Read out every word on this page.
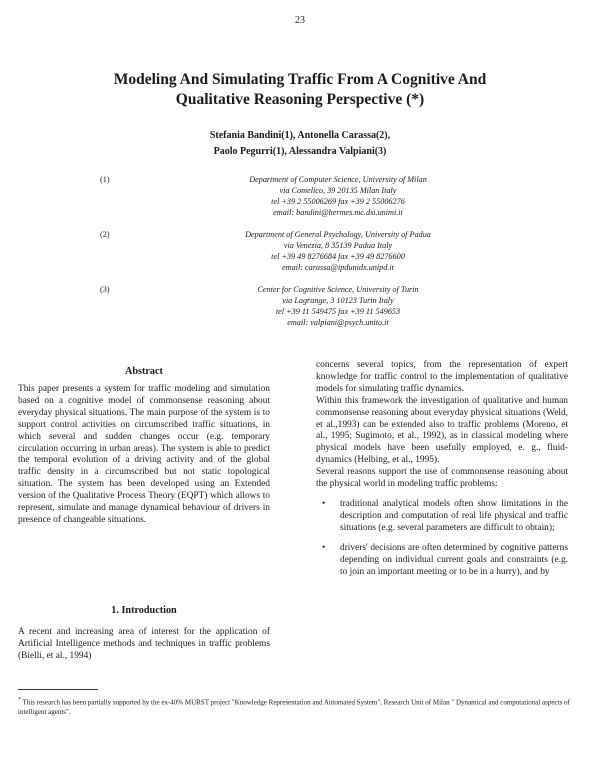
23
Modeling And Simulating Traffic From A Cognitive And
Qualitative Reasoning Perspective (*)
Stefania Bandini(1), Antonella Carassa(2),
Paolo Pegurri(1), Alessandra Valpiani(3)
(1)	Department of Computer Science, University of Milan
via Comelico, 39 20135 Milan Italy
tel +39 2 55006269 fax +39 2 55006276
email: bandini@hermes.mc.dsi.unimi.it
(2)	Department of General Psychology, University of Padua
via Venezia, 8 35139 Padua Italy
tel +39 49 8276684 fax +39 49 8276600
email: carassa@ipdunidx.unipd.it
(3)	Center for Cognitive Science, University of Turin
via Lagrange, 3 10123 Turin Italy
tel +39 11 549475 fax +39 11 549653
email: valpiani@psych.unito.it
Abstract

This paper presents a system for traffic modeling and simulation based on a cognitive model of commonsense reasoning about everyday physical situations. The main purpose of the system is to support control activities on circumscribed traffic situations, in which several and sudden changes occur (e.g. temporary circulation occurring in urban areas). The system is able to predict the temporal evolution of a driving activity and of the global traffic density in a circumscribed but not static topological situation. The system has been developed using an Extended version of the Qualitative Process Theory (EQPT) which allows to represent, simulate and manage dynamical behaviour of drivers in presence of changeable situations.

1. Introduction

A recent and increasing area of interest for the application of Artificial Intelligence methods and techniques in traffic problems (Bielli, et al., 1994)

concerns several topics, from the representation of expert knowledge for traffic control to the implementation of qualitative models for simulating traffic dynamics.

Within this framework the investigation of qualitative and human commonsense reasoning about everyday physical situations (Weld, et al.,1993) can be extended also to traffic problems (Moreno, et al., 1995; Sugimoto, et al., 1992), as in classical modeling where physical models have been usefully employed, e. g., fluid-dynamics (Helbing, et al., 1995).

Several reasons support the use of commonsense reasoning about the physical world in modeling traffic problems:

• traditional analytical models often show limitations in the description and computation of real life physical and traffic situations (e.g. several parameters are difficult to obtain);

• drivers' decisions are often determined by cognitive patterns depending on individual current goals and constraints (e.g. to join an important meeting or to be in a hurry), and by

* This research has been partially supported by the ex-40% MURST project "Knowledge Representation and Automated System", Research Unit of Milan " Dynamical and computational aspects of intelligent agents".
